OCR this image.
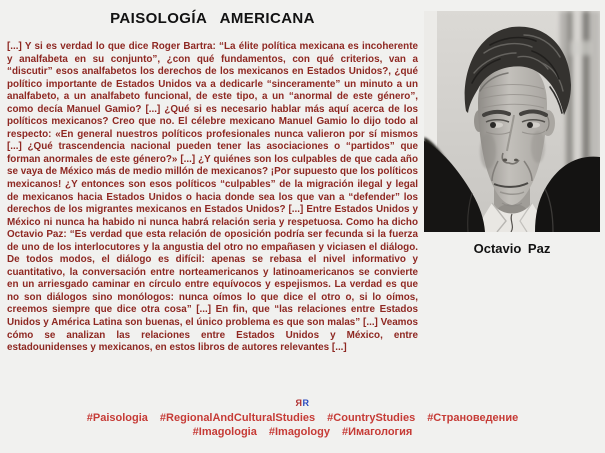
PAISOLOGÍA AMERICANA

[...] Y si es verdad lo que dice Roger Bartra: “La élite política mexicana es incoherente y analfabeta en su conjunto”, ¿con qué fundamentos, con qué criterios, van a “discutir” esos analfabetos los derechos de los mexicanos en Estados Unidos?, ¿qué político importante de Estados Unidos va a dedicarle “sinceramente” un minuto a un analfabeto, a un analfabeto funcional, de este tipo, a un “anormal de este género”, como decía Manuel Gamio? [...] ¿Qué si es necesario hablar más aquí acerca de los políticos mexicanos? Creo que no. El célebre mexicano Manuel Gamio lo dijo todo al respecto: «En general nuestros políticos profesionales nunca valieron por sí mismos [...] ¿Qué trascendencia nacional pueden tener las asociaciones o “partidos” que forman anormales de este género?» [...] ¿Y quiénes son los culpables de que cada año se vaya de México más de medio millón de mexicanos? ¡Por supuesto que los políticos mexicanos! ¿Y entonces son esos políticos “culpables” de la migración ilegal y legal de mexicanos hacia Estados Unidos o hacia donde sea los que van a “defender” los derechos de los migrantes mexicanos en Estados Unidos? [...] Entre Estados Unidos y México ni nunca ha habido ni nunca habrá relación seria y respetuosa. Como ha dicho Octavio Paz: “Es verdad que esta relación de oposición podría ser fecunda si la fuerza de uno de los interlocutores y la angustia del otro no empañasen y viciasen el diálogo. De todos modos, el diálogo es difícil: apenas se rebasa el nivel informativo y cuantitativo, la conversación entre norteamericanos y latinoamericanos se convierte en un arriesgado caminar en círculo entre equívocos y espejismos. La verdad es que no son diálogos sino monólogos: nunca oímos lo que dice el otro o, si lo oímos, creemos siempre que dice otra cosa” [...] En fin, que “las relaciones entre Estados Unidos y América Latina son buenas, el único problema es que son malas” [...] Veamos cómo se analizan las relaciones entre Estados Unidos y México, entre estadounidenses y mexicanos, en estos libros de autores relevantes [...]

Octavio Paz
ЯR
#Paisologia #RegionalAndCulturalStudies #CountryStudies #Страноведение
#Imagologia #Imagology #Имагология
